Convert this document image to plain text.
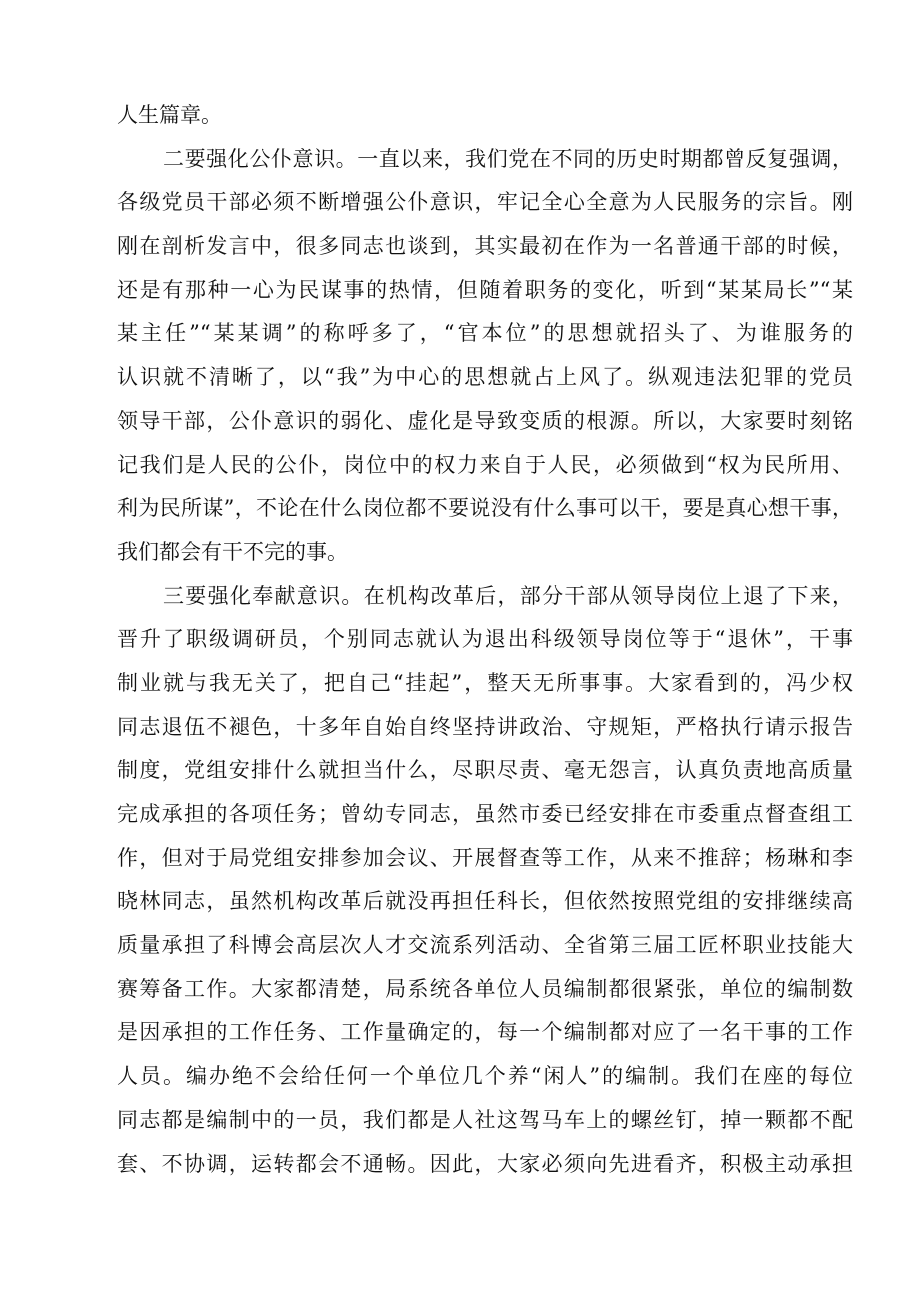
人生篇章。
二要强化公仆意识。一直以来，我们党在不同的历史时期都曾反复强调，
各级党员干部必须不断增强公仆意识，牢记全心全意为人民服务的宗旨。刚
刚在剖析发言中，很多同志也谈到，其实最初在作为一名普通干部的时候，
还是有那种一心为民谋事的热情，但随着职务的变化，听到“某某局长”“某
某主任”“某某调”的称呼多了，“官本位”的思想就招头了、为谁服务的
认识就不清晰了，以“我”为中心的思想就占上风了。纵观违法犯罪的党员
领导干部，公仆意识的弱化、虚化是导致变质的根源。所以，大家要时刻铭
记我们是人民的公仆，岗位中的权力来自于人民，必须做到“权为民所用、
利为民所谋”，不论在什么岗位都不要说没有什么事可以干，要是真心想干事，
我们都会有干不完的事。
三要强化奉献意识。在机构改革后，部分干部从领导岗位上退了下来，
晋升了职级调研员，个别同志就认为退出科级领导岗位等于“退休”，干事
制业就与我无关了，把自己“挂起”，整天无所事事。大家看到的，冯少权
同志退伍不褪色，十多年自始自终坚持讲政治、守规矩，严格执行请示报告
制度，党组安排什么就担当什么，尽职尽责、毫无怨言，认真负责地高质量
完成承担的各项任务；曾幼专同志，虽然市委已经安排在市委重点督查组工
作，但对于局党组安排参加会议、开展督查等工作，从来不推辞；杨琳和李
晓林同志，虽然机构改革后就没再担任科长，但依然按照党组的安排继续高
质量承担了科博会高层次人才交流系列活动、全省第三届工匠杯职业技能大
赛筹备工作。大家都清楚，局系统各单位人员编制都很紧张，单位的编制数
是因承担的工作任务、工作量确定的，每一个编制都对应了一名干事的工作
人员。编办绝不会给任何一个单位几个养“闲人”的编制。我们在座的每位
同志都是编制中的一员，我们都是人社这驾马车上的螺丝钉，掉一颗都不配
套、不协调，运转都会不通畅。因此，大家必须向先进看齐，积极主动承担
